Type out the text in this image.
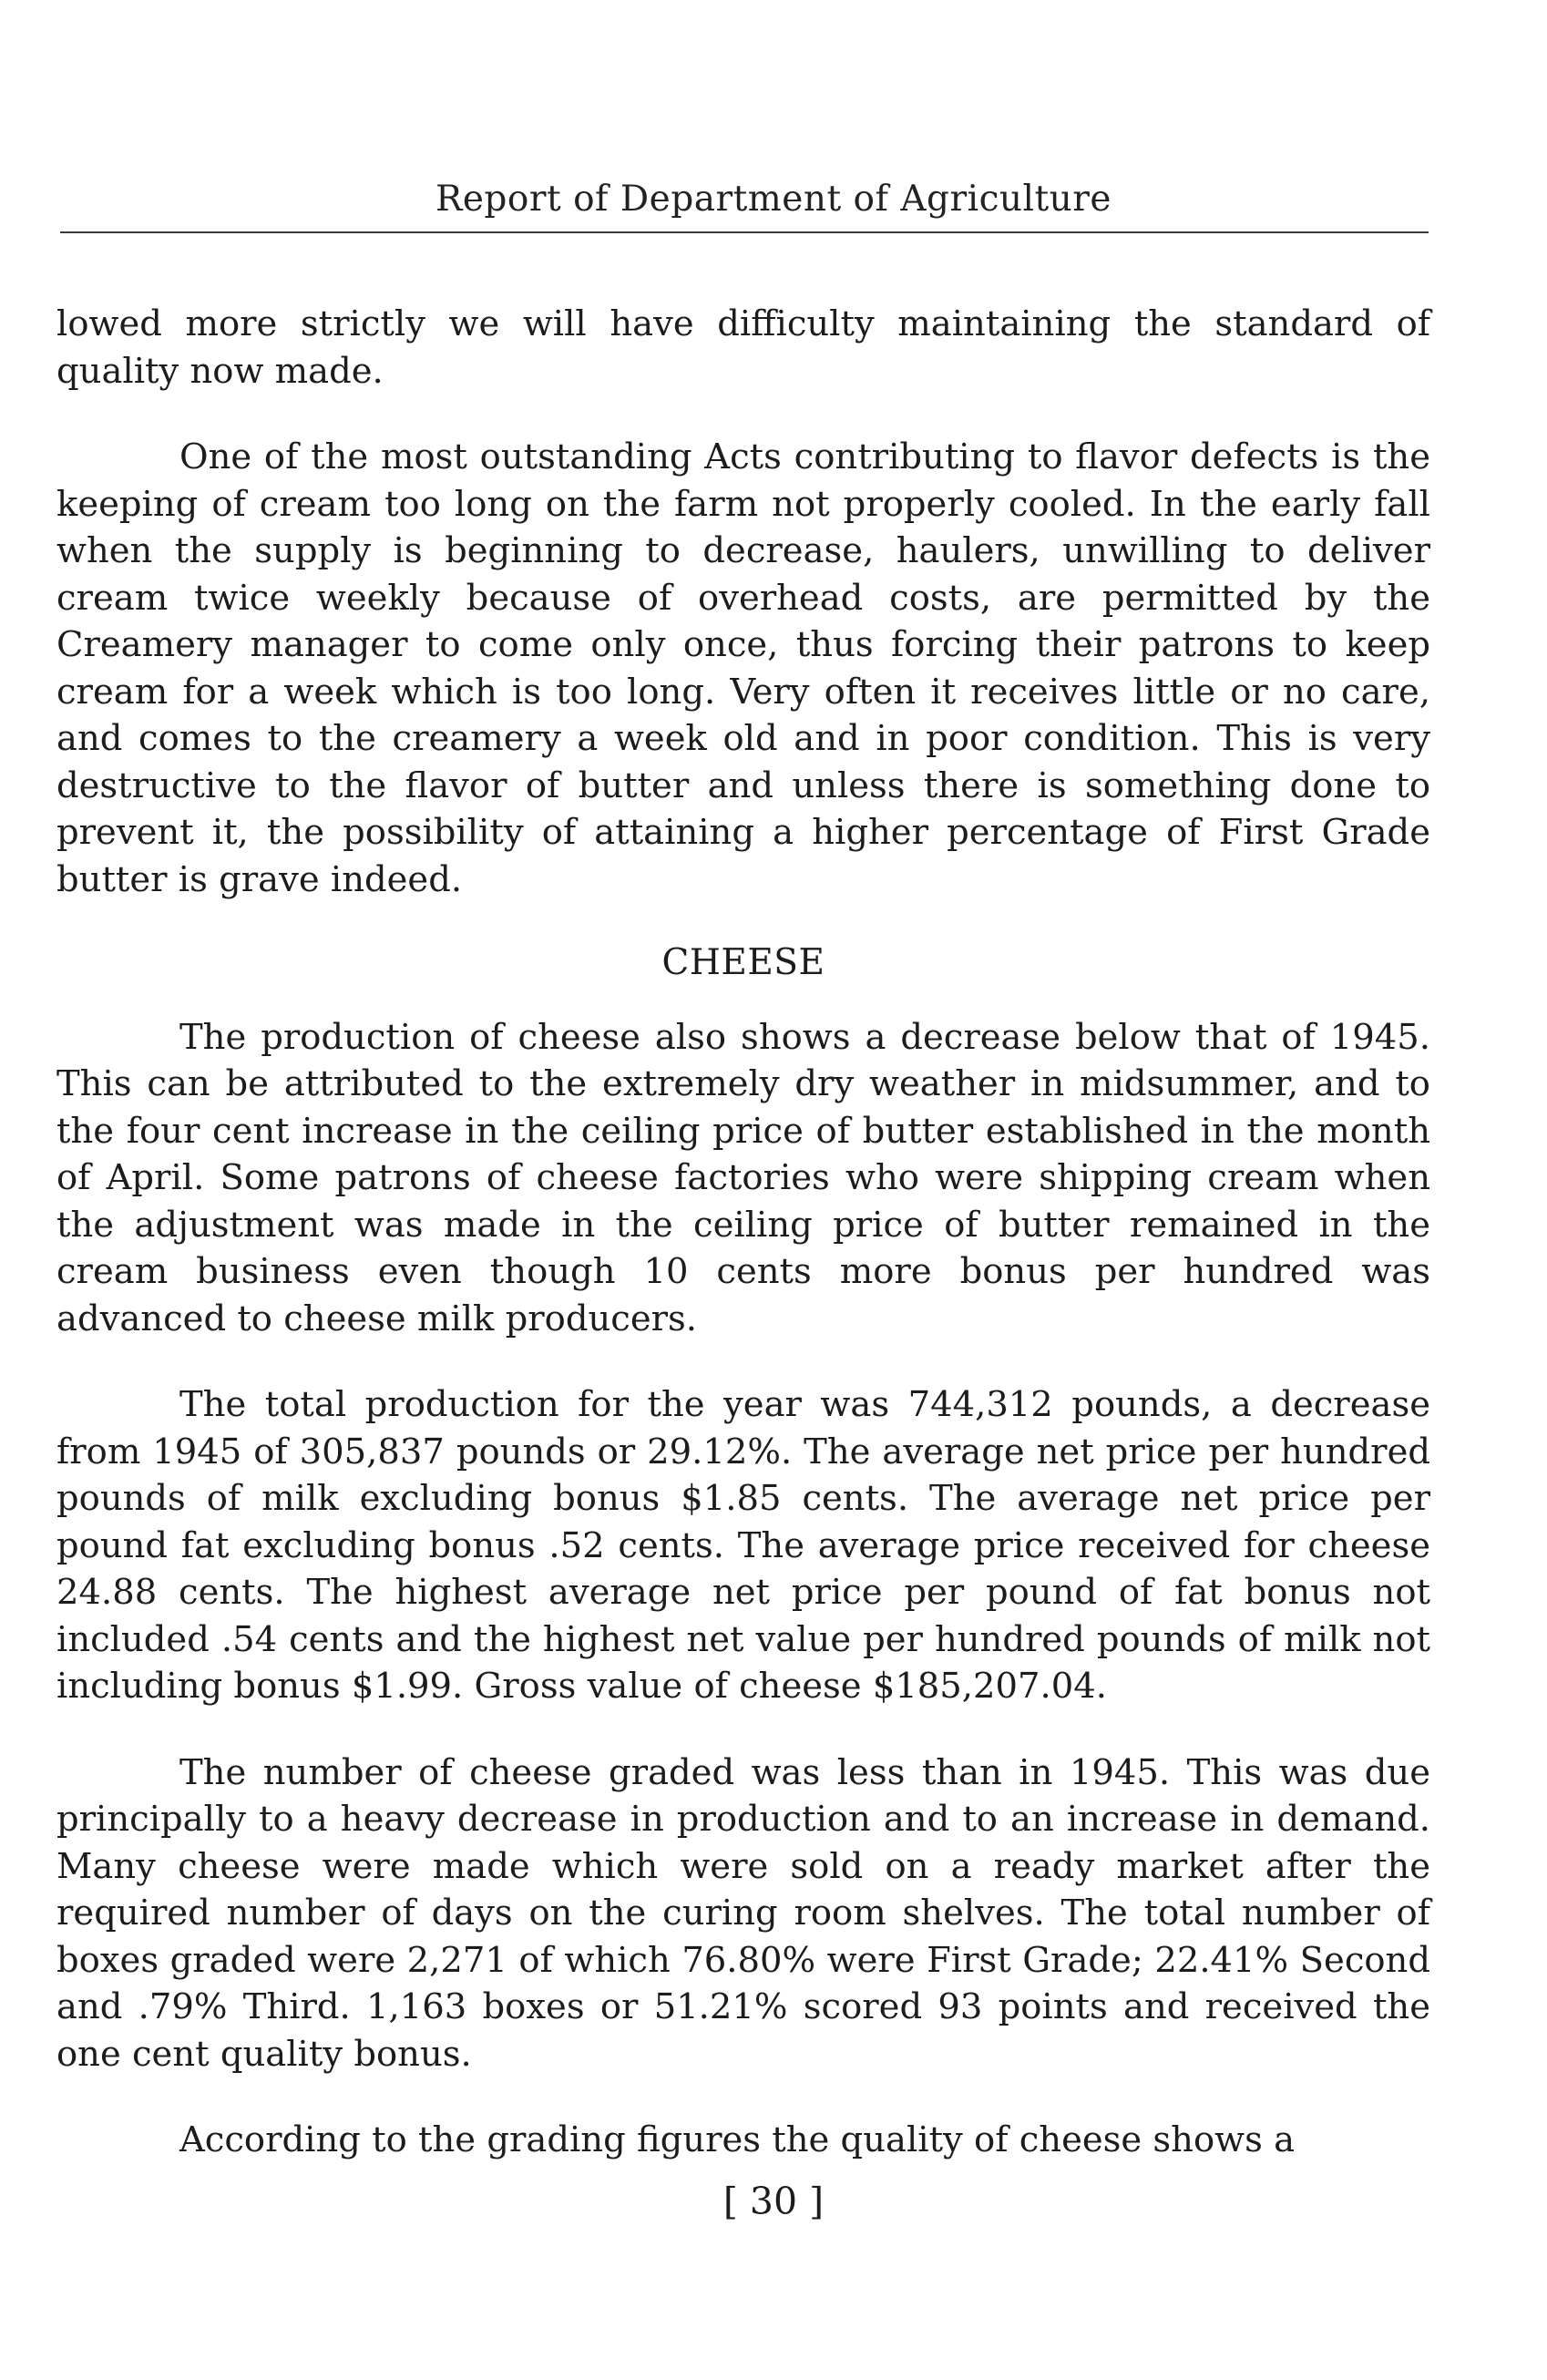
Report of Department of Agriculture

lowed more strictly we will have difficulty maintaining the standard of quality now made.

One of the most outstanding Acts contributing to flavor defects is the keeping of cream too long on the farm not properly cooled. In the early fall when the supply is beginning to decrease, haulers, unwilling to deliver cream twice weekly because of overhead costs, are permitted by the Creamery manager to come only once, thus forcing their patrons to keep cream for a week which is too long. Very often it receives little or no care, and comes to the creamery a week old and in poor condition. This is very destructive to the flavor of butter and unless there is something done to prevent it, the possibility of attaining a higher percentage of First Grade butter is grave indeed.

CHEESE

The production of cheese also shows a decrease below that of 1945. This can be attributed to the extremely dry weather in midsummer, and to the four cent increase in the ceiling price of butter established in the month of April. Some patrons of cheese factories who were shipping cream when the adjustment was made in the ceiling price of butter remained in the cream business even though 10 cents more bonus per hundred was advanced to cheese milk producers.

The total production for the year was 744,312 pounds, a decrease from 1945 of 305,837 pounds or 29.12%. The average net price per hundred pounds of milk excluding bonus $1.85 cents. The average net price per pound fat excluding bonus .52 cents. The average price received for cheese 24.88 cents. The highest average net price per pound of fat bonus not included .54 cents and the highest net value per hundred pounds of milk not including bonus $1.99. Gross value of cheese $185,207.04.

The number of cheese graded was less than in 1945. This was due principally to a heavy decrease in production and to an increase in demand. Many cheese were made which were sold on a ready market after the required number of days on the curing room shelves. The total number of boxes graded were 2,271 of which 76.80% were First Grade; 22.41% Second and .79% Third. 1,163 boxes or 51.21% scored 93 points and received the one cent quality bonus.

According to the grading figures the quality of cheese shows a

[ 30 ]
